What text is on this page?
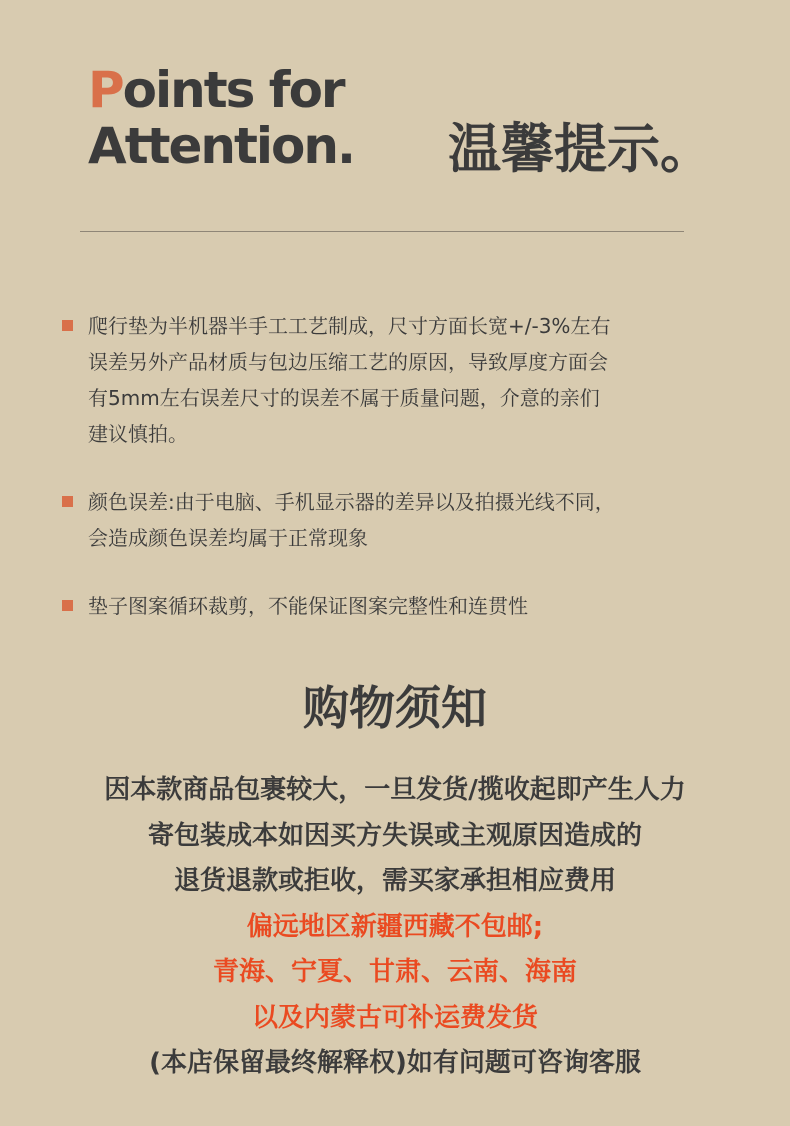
Points for
Attention. 温馨提示。
爬行垫为半机器半手工工艺制成，尺寸方面长宽+/-3%左右
误差另外产品材质与包边压缩工艺的原因，导致厚度方面会
有5mm左右误差尺寸的误差不属于质量问题，介意的亲们
建议慎拍。
颜色误差:由于电脑、手机显示器的差异以及拍摄光线不同，
会造成颜色误差均属于正常现象
垫子图案循环裁剪，不能保证图案完整性和连贯性
购物须知
因本款商品包裹较大，一旦发货/揽收起即产生人力
寄包装成本如因买方失误或主观原因造成的
退货退款或拒收，需买家承担相应费用
偏远地区新疆西藏不包邮;
青海、宁夏、甘肃、云南、海南
以及内蒙古可补运费发货
(本店保留最终解释权)如有问题可咨询客服
